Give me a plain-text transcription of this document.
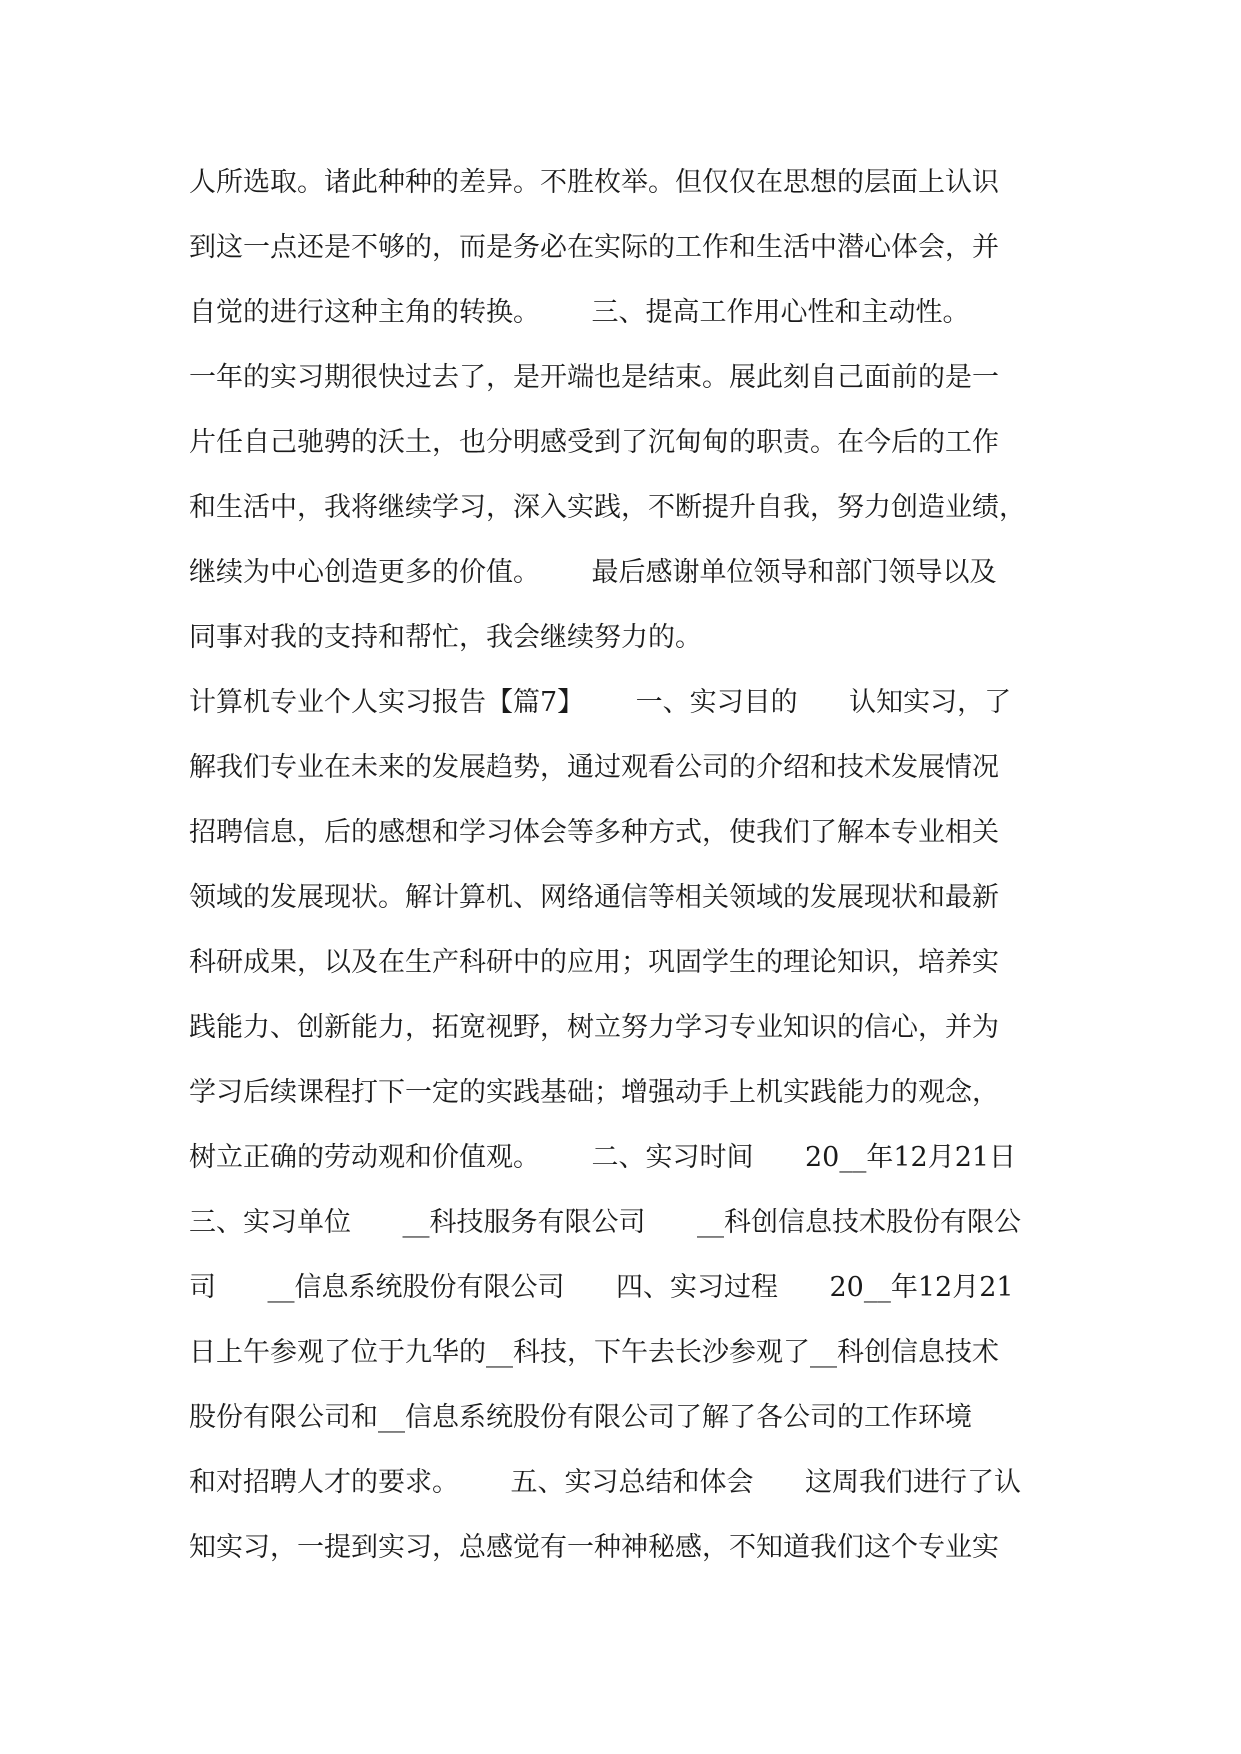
人所选取。诸此种种的差异。不胜枚举。但仅仅在思想的层面上认识
到这一点还是不够的，而是务必在实际的工作和生活中潜心体会，并
自觉的进行这种主角的转换。      三、提高工作用心性和主动性。
一年的实习期很快过去了，是开端也是结束。展此刻自己面前的是一
片任自己驰骋的沃土，也分明感受到了沉甸甸的职责。在今后的工作
和生活中，我将继续学习，深入实践，不断提升自我，努力创造业绩，
继续为中心创造更多的价值。      最后感谢单位领导和部门领导以及
同事对我的支持和帮忙，我会继续努力的。
计算机专业个人实习报告【篇7】      一、实习目的      认知实习，了
解我们专业在未来的发展趋势，通过观看公司的介绍和技术发展情况
招聘信息，后的感想和学习体会等多种方式，使我们了解本专业相关
领域的发展现状。解计算机、网络通信等相关领域的发展现状和最新
科研成果，以及在生产科研中的应用；巩固学生的理论知识，培养实
践能力、创新能力，拓宽视野，树立努力学习专业知识的信心，并为
学习后续课程打下一定的实践基础；增强动手上机实践能力的观念，
树立正确的劳动观和价值观。      二、实习时间      20__年12月21日
三、实习单位      __科技服务有限公司      __科创信息技术股份有限公
司      __信息系统股份有限公司      四、实习过程      20__年12月21
日上午参观了位于九华的__科技，下午去长沙参观了__科创信息技术
股份有限公司和__信息系统股份有限公司了解了各公司的工作环境
和对招聘人才的要求。      五、实习总结和体会      这周我们进行了认
知实习，一提到实习，总感觉有一种神秘感，不知道我们这个专业实
